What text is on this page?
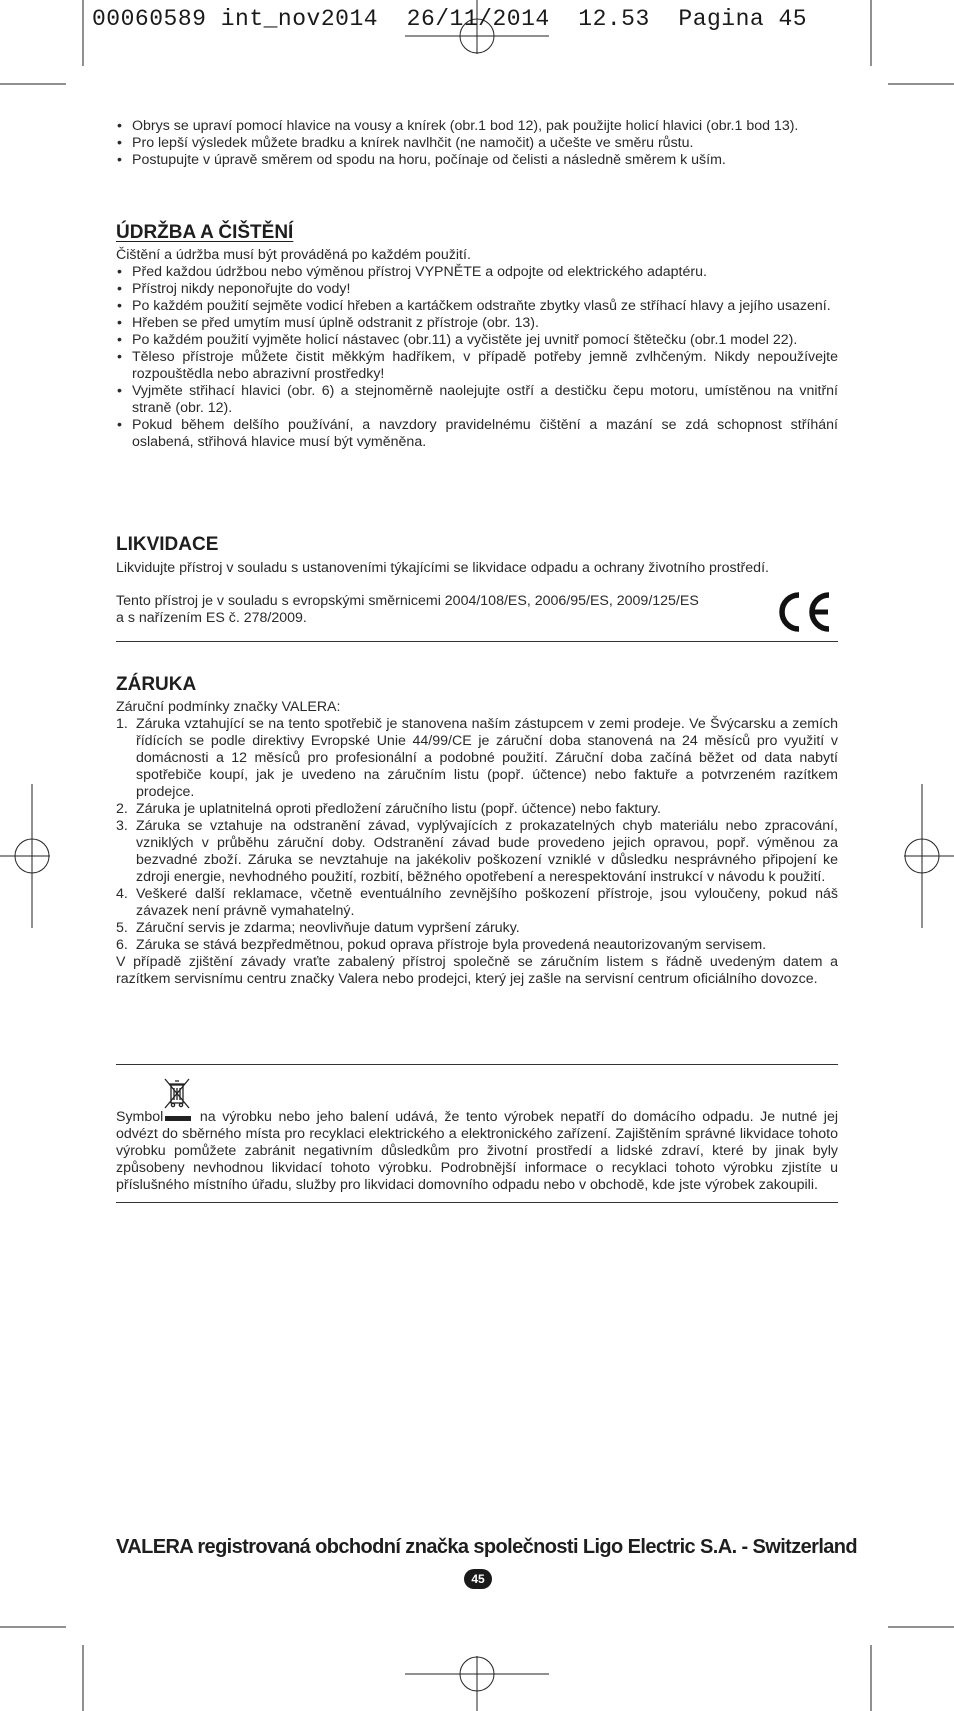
00060589 int_nov2014  26/11/2014  12.53  Pagina 45
• Obrys se upraví pomocí hlavice na vousy a knírek (obr.1 bod 12), pak použijte holicí hlavici (obr.1 bod 13).
• Pro lepší výsledek můžete bradku a knírek navlhčit (ne namočit) a učešte ve směru růstu.
• Postupujte v úpravě směrem od spodu na horu, počínaje od čelisti a následně směrem k uším.
ÚDRŽBA A ČIŠTĚNÍ

Čištění a údržba musí být prováděná po každém použití.

• Před každou údržbou nebo výměnou přístroj VYPNĚTE a odpojte od elektrického adaptéru.
• Přístroj nikdy neponořujte do vody!
• Po každém použití sejměte vodicí hřeben a kartáčkem odstraňte zbytky vlasů ze stříhací hlavy a jejího usazení.
• Hřeben se před umytím musí úplně odstranit z přístroje (obr. 13).
• Po každém použití vyjměte holicí nástavec (obr.11) a vyčistěte jej uvnitř pomocí štětečku (obr.1 model 22).
• Těleso přístroje můžete čistit měkkým hadříkem, v případě potřeby jemně zvlhčeným. Nikdy nepoužívejte rozpouštědla nebo abrazivní prostředky!
• Vyjměte střihací hlavici (obr. 6) a stejnoměrně naolejujte ostří a destičku čepu motoru, umístěnou na vnitřní straně (obr. 12).
• Pokud během delšího používání, a navzdory pravidelnému čištění a mazání se zdá schopnost stříhání oslabená, střihová hlavice musí být vyměněna.
LIKVIDACE

Likvidujte přístroj v souladu s ustanoveními týkajícími se likvidace odpadu a ochrany životního prostředí.

Tento přístroj je v souladu s evropskými směrnicemi 2004/108/ES, 2006/95/ES, 2009/125/ES

a s nařízením ES č. 278/2009.

ZÁRUKA

Záruční podmínky značky VALERA:

1. Záruka vztahující se na tento spotřebič je stanovena naším zástupcem v zemi prodeje. Ve Švýcarsku a zemích řídících se podle direktivy Evropské Unie 44/99/CE je záruční doba stanovená na 24 měsíců pro využití v domácnosti a 12 měsíců pro profesionální a podobné použití. Záruční doba začíná běžet od data nabytí spotřebiče koupí, jak je uvedeno na záručním listu (popř. účtence) nebo faktuře a potvrzeném razítkem prodejce.
2. Záruka je uplatnitelná oproti předložení záručního listu (popř. účtence) nebo faktury.
3. Záruka se vztahuje na odstranění závad, vyplývajících z prokazatelných chyb materiálu nebo zpracování, vzniklých v průběhu záruční doby. Odstranění závad bude provedeno jejich opravou, popř. výměnou za bezvadné zboží. Záruka se nevztahuje na jakékoliv poškození vzniklé v důsledku nesprávného připojení ke zdroji energie, nevhodného použití, rozbití, běžného opotřebení a nerespektování instrukcí v návodu k použití.
4. Veškeré další reklamace, včetně eventuálního zevnějšího poškození přístroje, jsou vyloučeny, pokud náš závazek není právně vymahatelný.
5. Záruční servis je zdarma; neovlivňuje datum vypršení záruky.
6. Záruka se stává bezpředmětnou, pokud oprava přístroje byla provedená neautorizovaným servisem.

V případě zjištění závady vraťte zabalený přístroj společně se záručním listem s řádně uvedeným datem a razítkem servisnímu centru značky Valera nebo prodejci, který jej zašle na servisní centrum oficiálního dovozce.

Symbol	na výrobku nebo jeho balení udává, že tento výrobek nepatří do domácího odpadu. Je nutné jej odvézt do sběrného místa pro recyklaci elektrického a elektronického zařízení. Zajištěním správné likvidace tohoto výrobku pomůžete zabránit negativním důsledkům pro životní prostředí a lidské zdraví, které by jinak byly způsobeny nevhodnou likvidací tohoto výrobku. Podrobnější informace o recyklaci tohoto výrobku zjistíte u příslušného místního úřadu, služby pro likvidaci domovního odpadu nebo v obchodě, kde jste výrobek zakoupili.

VALERA registrovaná obchodní značka společnosti Ligo Electric S.A. - Switzerland
45
